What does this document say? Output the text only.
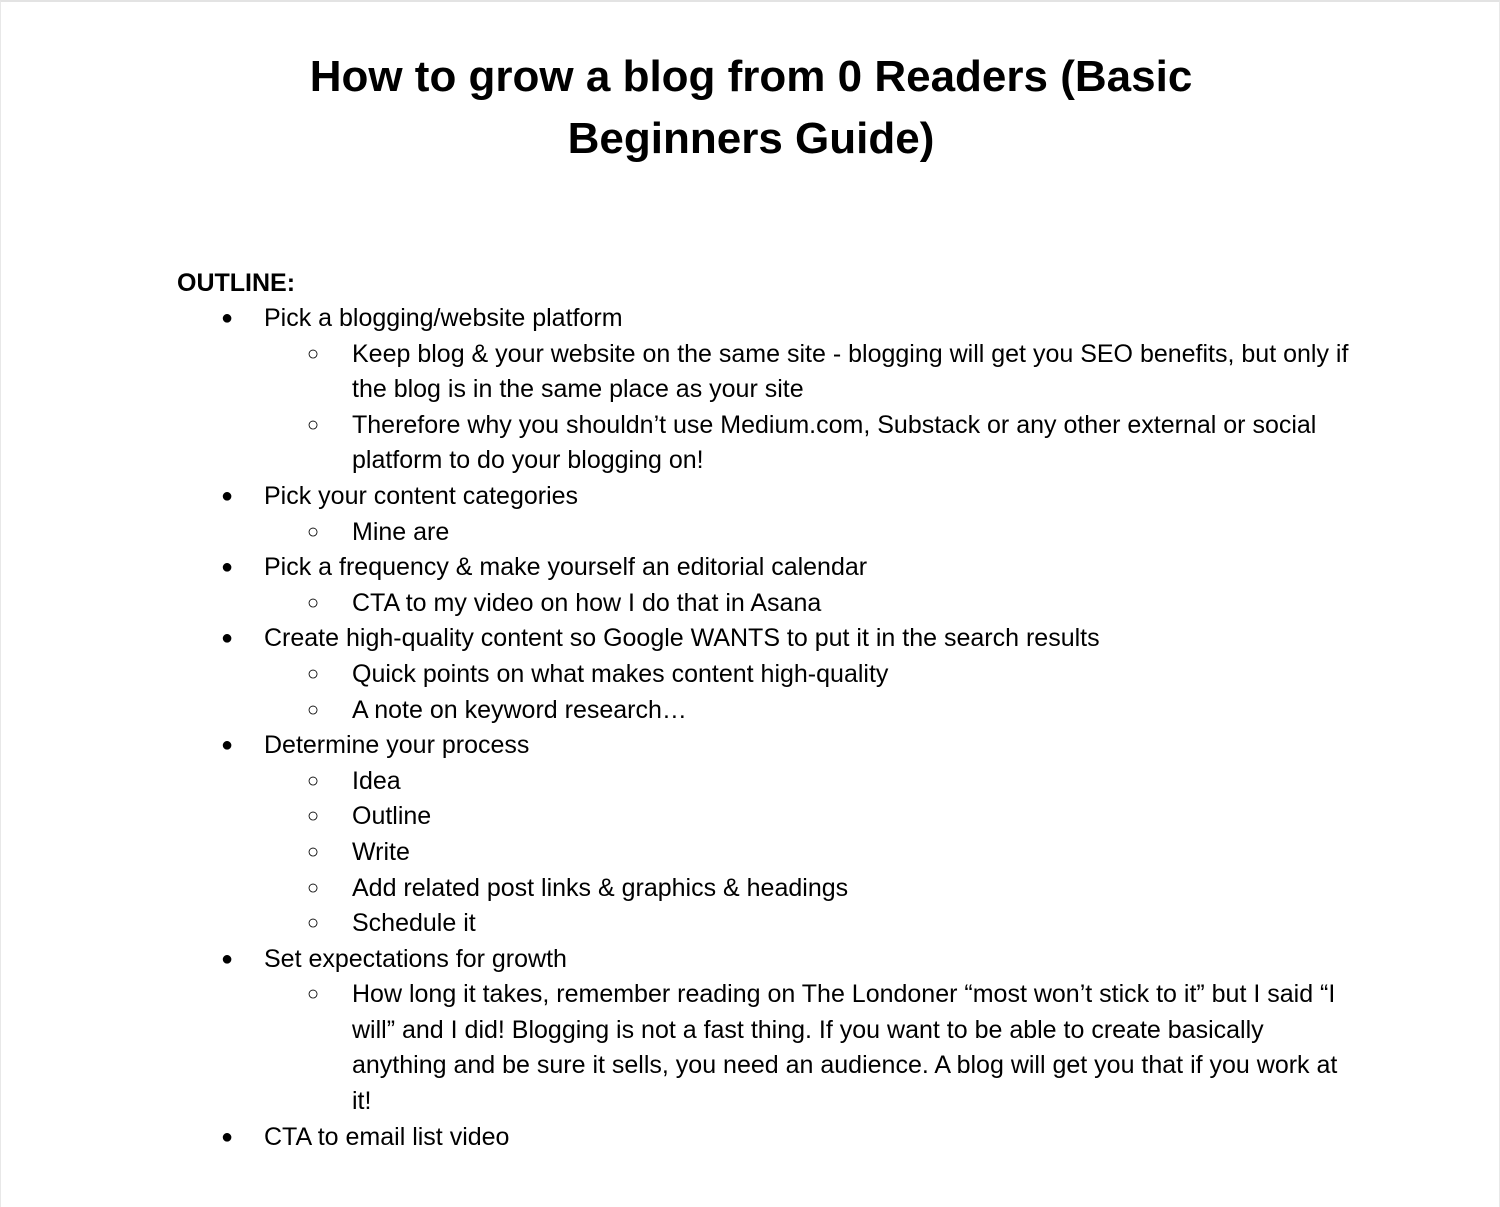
How to grow a blog from 0 Readers (Basic Beginners Guide)
OUTLINE:
●	Pick a blogging/website platform
○	Keep blog & your website on the same site - blogging will get you SEO benefits, but only if the blog is in the same place as your site
○	Therefore why you shouldn’t use Medium.com, Substack or any other external or social platform to do your blogging on!
●	Pick your content categories
○	Mine are
●	Pick a frequency & make yourself an editorial calendar
○	CTA to my video on how I do that in Asana
●	Create high-quality content so Google WANTS to put it in the search results
○	Quick points on what makes content high-quality
○	A note on keyword research…
●	Determine your process
○	Idea
○	Outline
○	Write
○	Add related post links & graphics & headings
○	Schedule it
●	Set expectations for growth
○	How long it takes, remember reading on The Londoner “most won’t stick to it” but I said “I will” and I did! Blogging is not a fast thing. If you want to be able to create basically anything and be sure it sells, you need an audience. A blog will get you that if you work at it!
●	CTA to email list video
